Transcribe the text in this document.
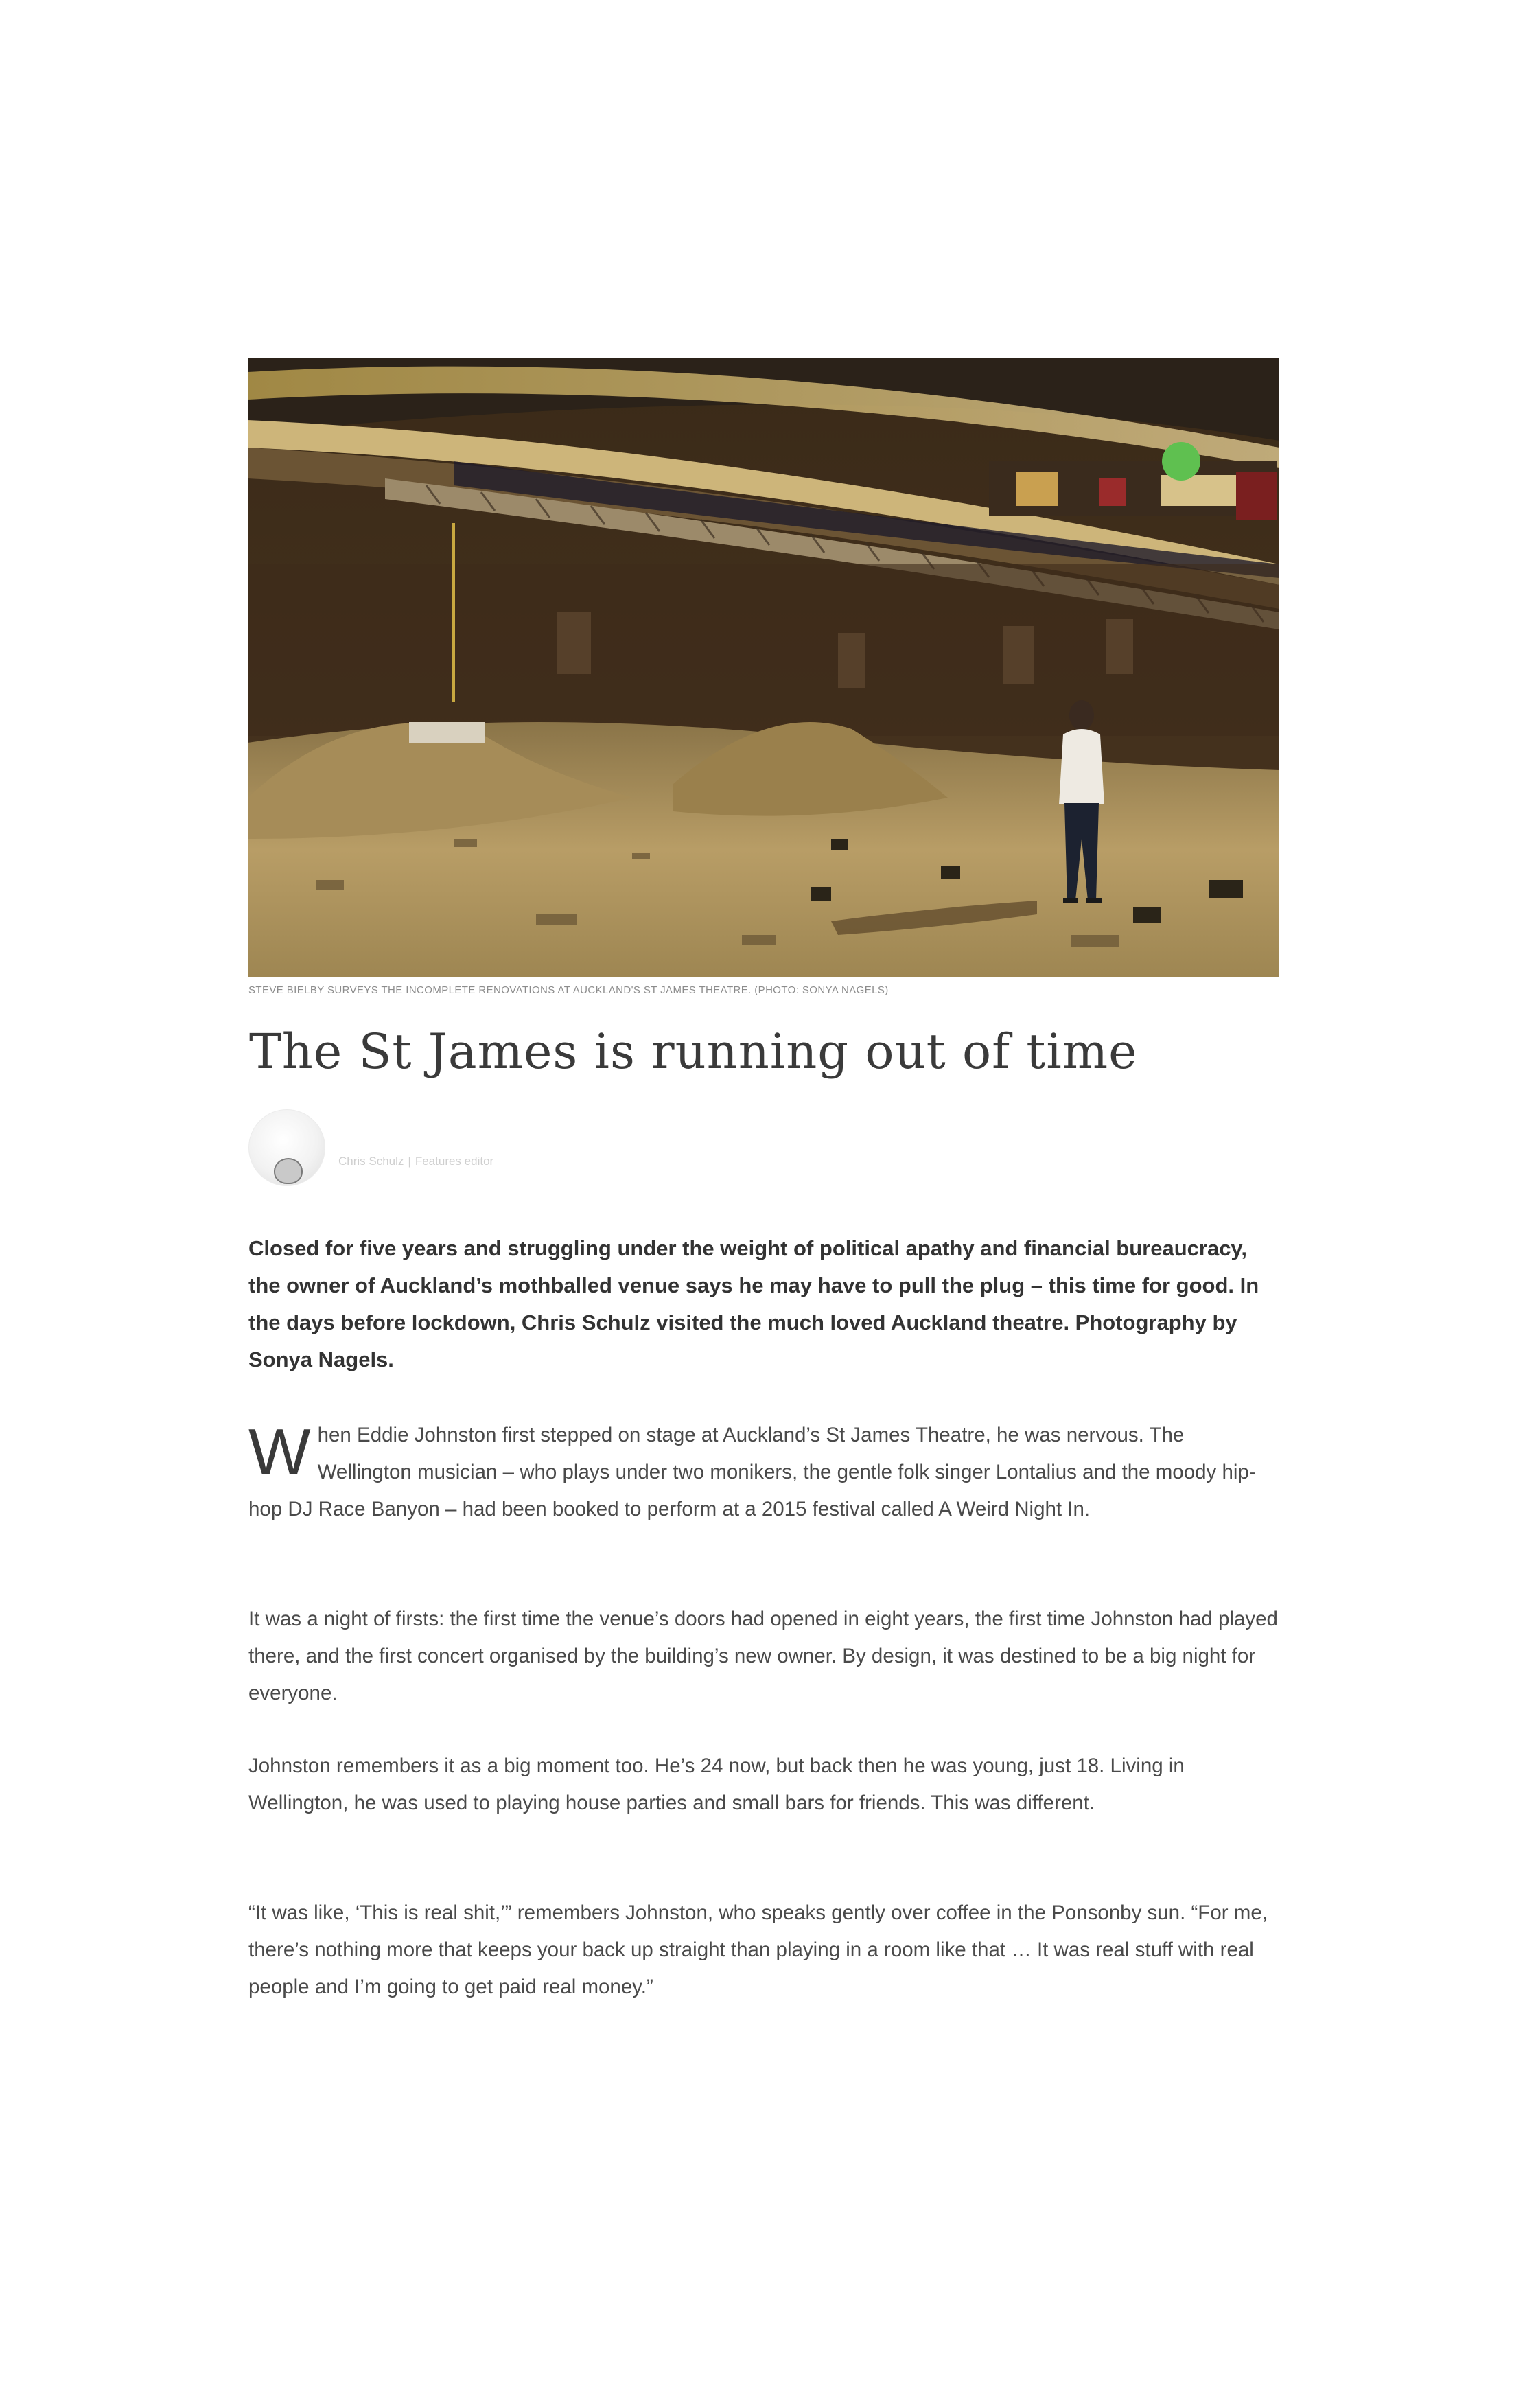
STEVE BIELBY SURVEYS THE INCOMPLETE RENOVATIONS AT AUCKLAND'S ST JAMES THEATRE. (PHOTO: SONYA NAGELS)
The St James is running out of time
Chris Schulz | Features editor

Closed for five years and struggling under the weight of political apathy and financial bureaucracy, the owner of Auckland’s mothballed venue says he may have to pull the plug – this time for good. In the days before lockdown, Chris Schulz visited the much loved Auckland theatre. Photography by Sonya Nagels.

When Eddie Johnston first stepped on stage at Auckland’s St James Theatre, he was nervous. The Wellington musician – who plays under two monikers, the gentle folk singer Lontalius and the moody hip-hop DJ Race Banyon – had been booked to perform at a 2015 festival called A Weird Night In.

It was a night of firsts: the first time the venue’s doors had opened in eight years, the first time Johnston had played there, and the first concert organised by the building’s new owner. By design, it was destined to be a big night for everyone.

Johnston remembers it as a big moment too. He’s 24 now, but back then he was young, just 18. Living in Wellington, he was used to playing house parties and small bars for friends. This was different.

“It was like, ‘This is real shit,’” remembers Johnston, who speaks gently over coffee in the Ponsonby sun. “For me, there’s nothing more that keeps your back up straight than playing in a room like that … It was real stuff with real people and I’m going to get paid real money.”
